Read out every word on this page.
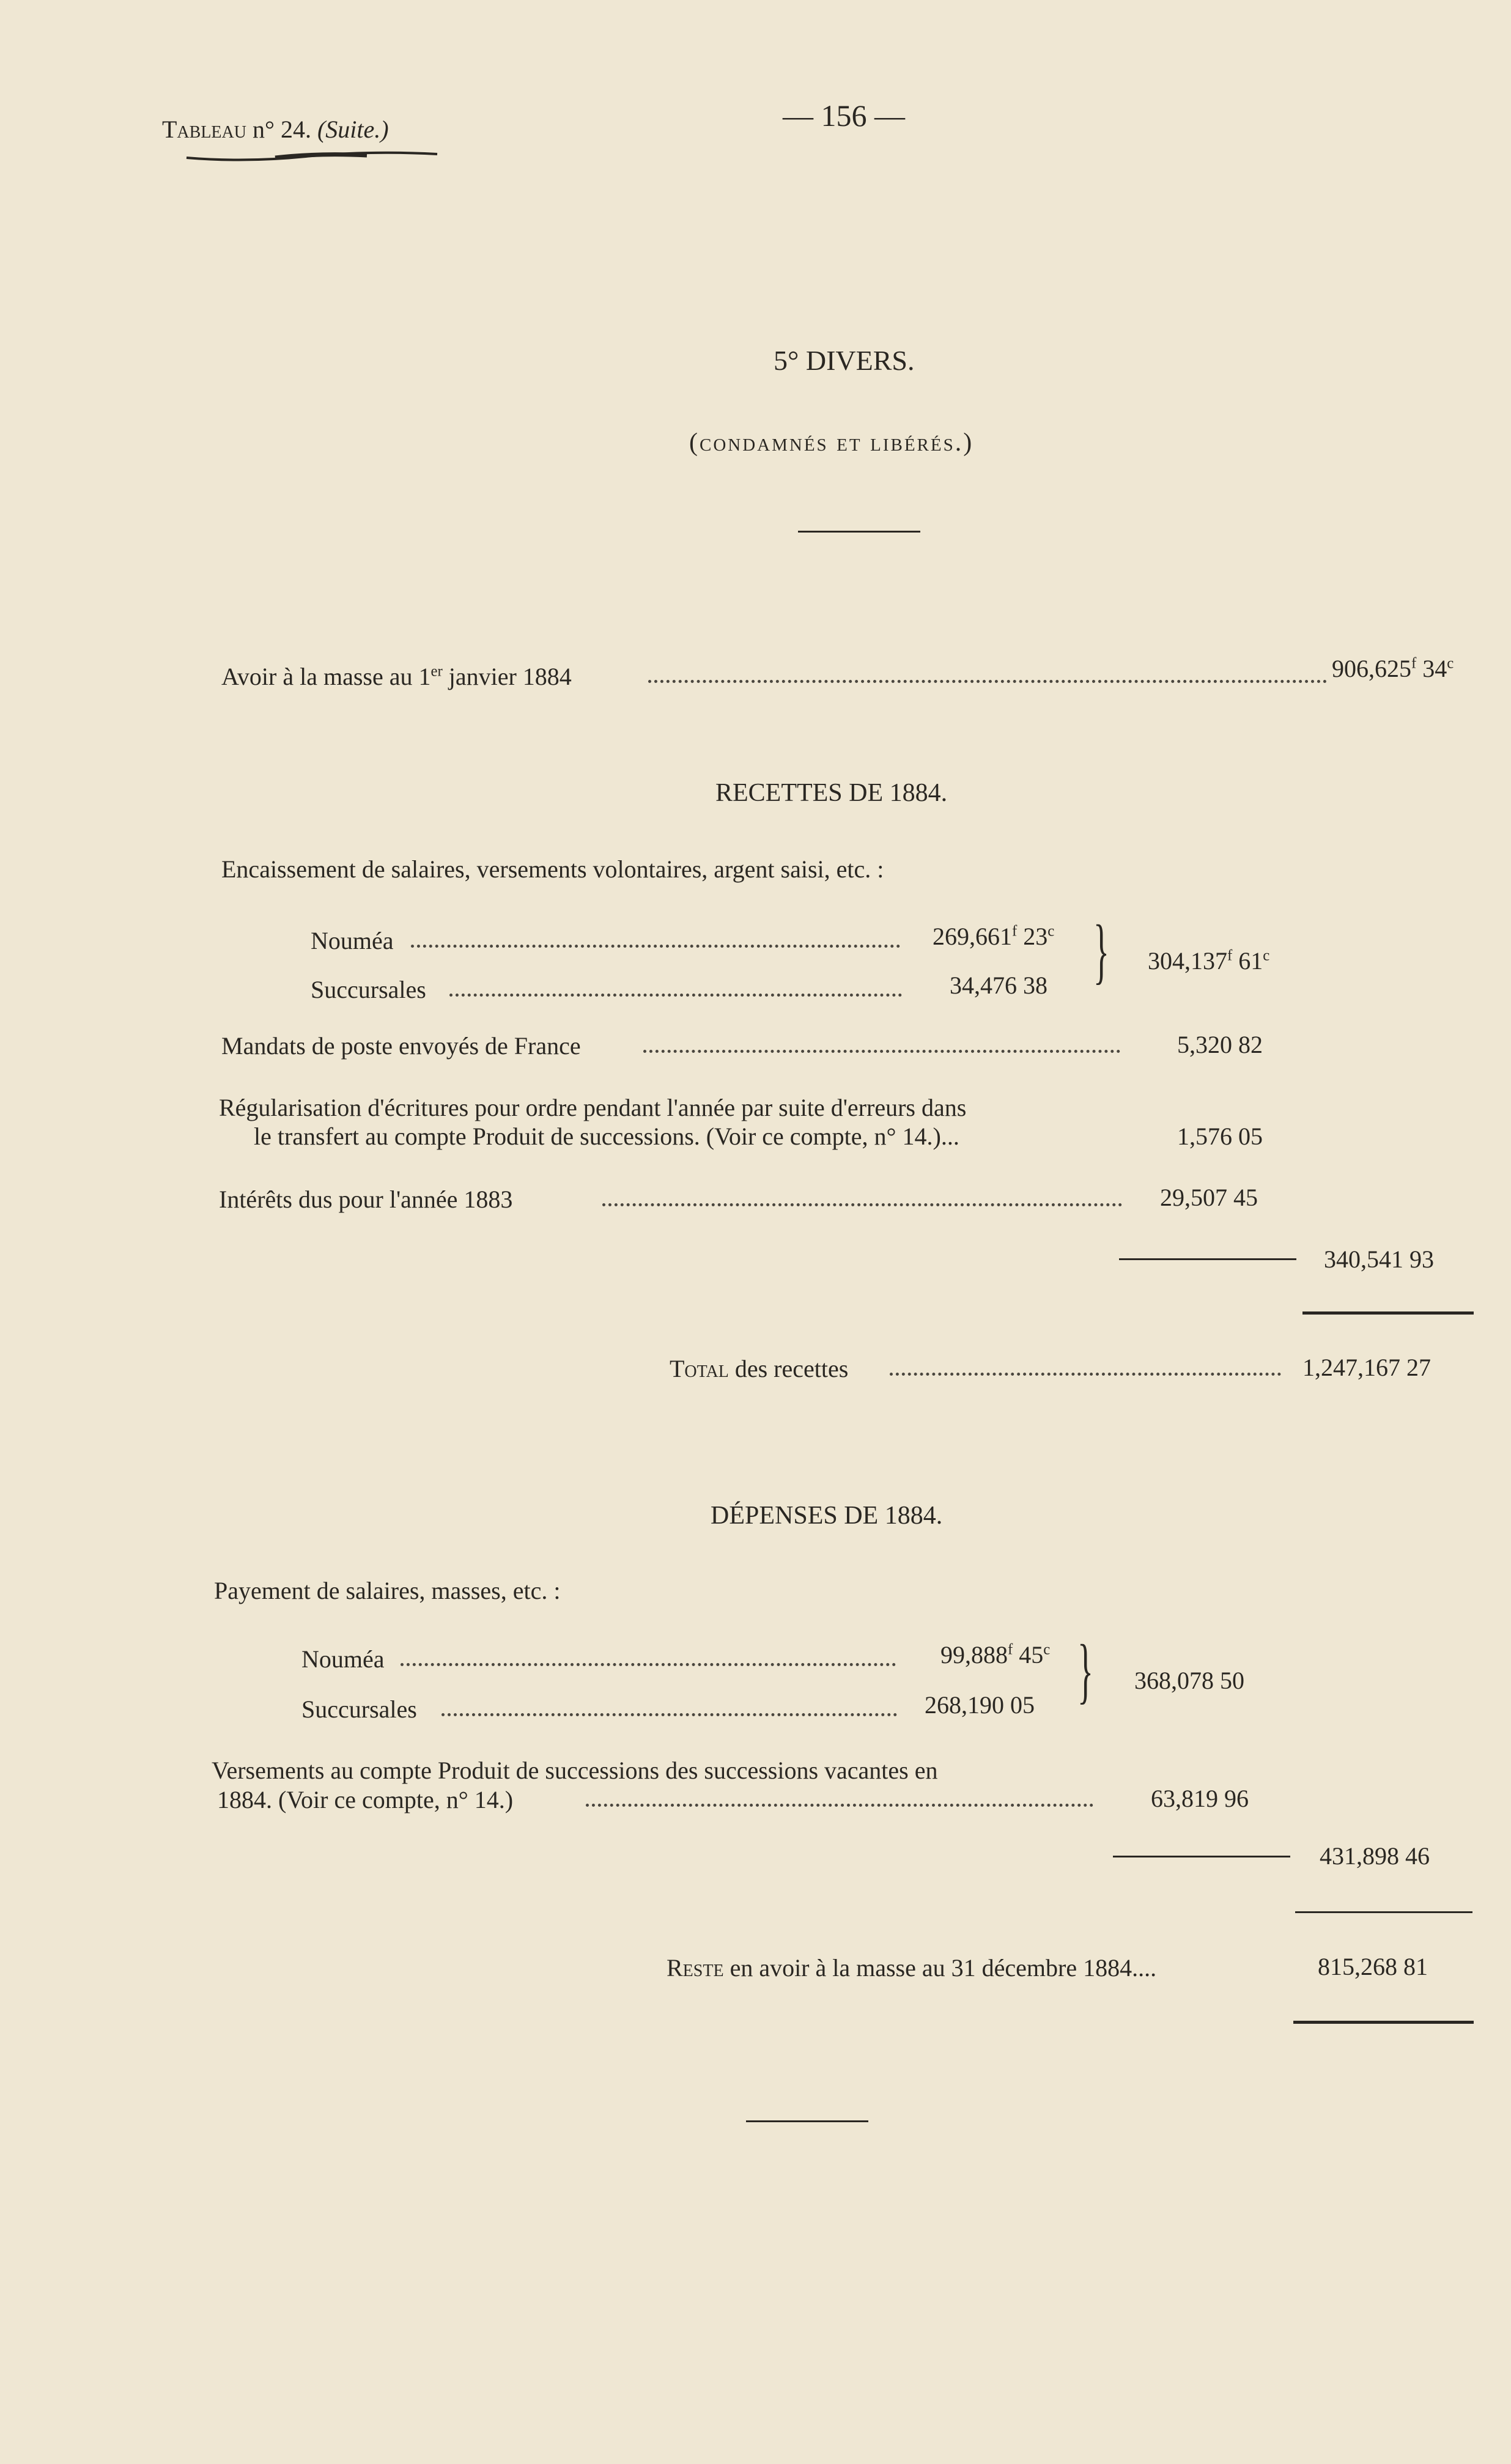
Tableau n° 24. (Suite.)	— 156 —
5° DIVERS.
(condamnés et libérés.)
Avoir à la masse au 1er janvier 1884	906,625$^f$ 34$^c$
RECETTES DE 1884.
Encaissement de salaires, versements volontaires, argent saisi, etc. :
Nouméa	269,661$^f$ 23$^c$
Succursales	34,476 38 } 304,137$^f$ 61$^c$
Mandats de poste envoyés de France	5,320 82
Régularisation d'écritures pour ordre pendant l'année par suite d'erreurs dans
le transfert au compte Produit de successions. (Voir ce compte, n° 14.)...	1,576 05
Intérêts dus pour l'année 1883	29,507 45
340,541 93
Total des recettes	1,247,167 27
DÉPENSES DE 1884.
Payement de salaires, masses, etc. :
Nouméa	99,888$^f$ 45$^c$
Succursales	268,190 05 } 368,078 50
Versements au compte Produit de successions des successions vacantes en
1884. (Voir ce compte, n° 14.)	63,819 96
431,898 46
Reste en avoir à la masse au 31 décembre 1884....	815,268 81
